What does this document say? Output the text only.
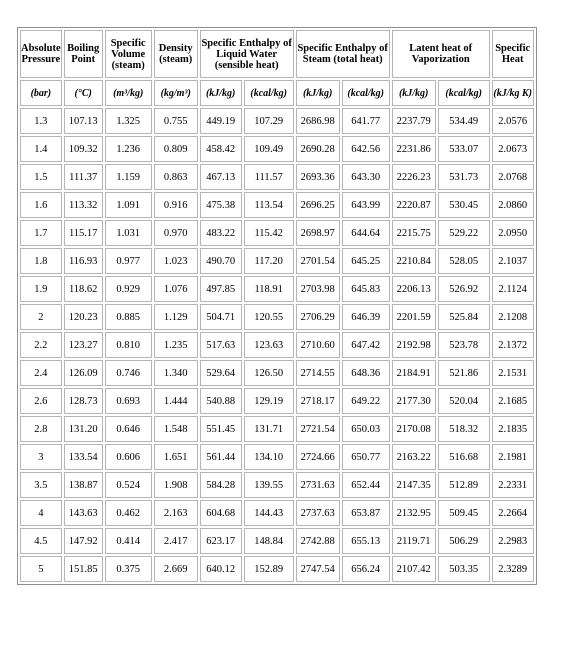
Absolute Pressure	Boiling Point	Specific Volume (steam)	Density (steam)	Specific Enthalpy of Liquid Water (sensible heat)		Specific Enthalpy of Steam (total heat)		Latent heat of Vaporization		Specific Heat
(bar)	(°C)	(m³/kg)	(kg/m³)	(kJ/kg)	(kcal/kg)	(kJ/kg)	(kcal/kg)	(kJ/kg)	(kcal/kg)	(kJ/kg K)
1.3	107.13	1.325	0.755	449.19	107.29	2686.98	641.77	2237.79	534.49	2.0576
1.4	109.32	1.236	0.809	458.42	109.49	2690.28	642.56	2231.86	533.07	2.0673
1.5	111.37	1.159	0.863	467.13	111.57	2693.36	643.30	2226.23	531.73	2.0768
1.6	113.32	1.091	0.916	475.38	113.54	2696.25	643.99	2220.87	530.45	2.0860
1.7	115.17	1.031	0.970	483.22	115.42	2698.97	644.64	2215.75	529.22	2.0950
1.8	116.93	0.977	1.023	490.70	117.20	2701.54	645.25	2210.84	528.05	2.1037
1.9	118.62	0.929	1.076	497.85	118.91	2703.98	645.83	2206.13	526.92	2.1124
2	120.23	0.885	1.129	504.71	120.55	2706.29	646.39	2201.59	525.84	2.1208
2.2	123.27	0.810	1.235	517.63	123.63	2710.60	647.42	2192.98	523.78	2.1372
2.4	126.09	0.746	1.340	529.64	126.50	2714.55	648.36	2184.91	521.86	2.1531
2.6	128.73	0.693	1.444	540.88	129.19	2718.17	649.22	2177.30	520.04	2.1685
2.8	131.20	0.646	1.548	551.45	131.71	2721.54	650.03	2170.08	518.32	2.1835
3	133.54	0.606	1.651	561.44	134.10	2724.66	650.77	2163.22	516.68	2.1981
3.5	138.87	0.524	1.908	584.28	139.55	2731.63	652.44	2147.35	512.89	2.2331
4	143.63	0.462	2.163	604.68	144.43	2737.63	653.87	2132.95	509.45	2.2664
4.5	147.92	0.414	2.417	623.17	148.84	2742.88	655.13	2119.71	506.29	2.2983
5	151.85	0.375	2.669	640.12	152.89	2747.54	656.24	2107.42	503.35	2.3289
